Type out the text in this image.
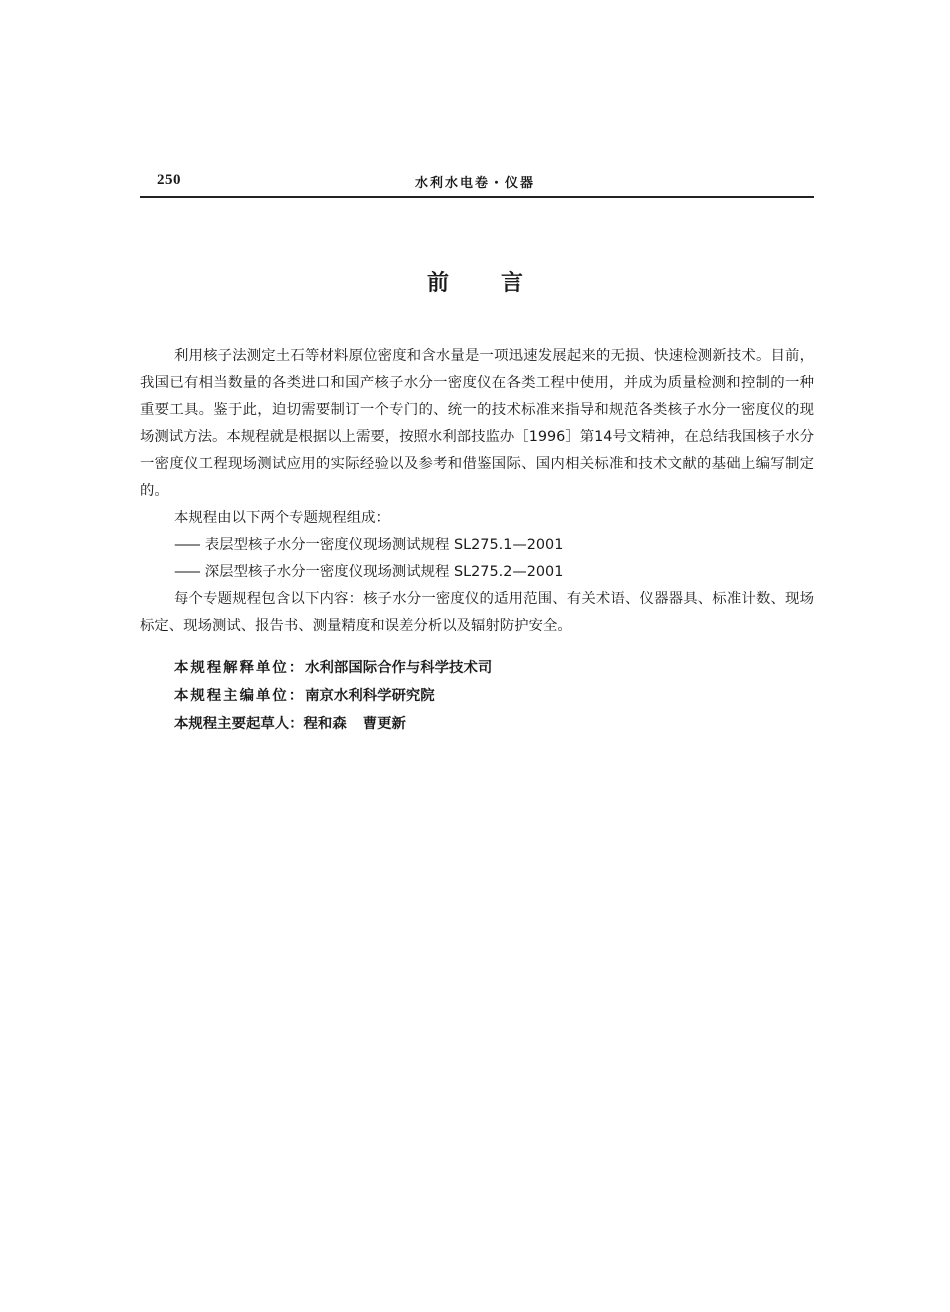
250	水利水电卷・仪器
前言

利用核子法测定土石等材料原位密度和含水量是一项迅速发展起来的无损、快速检测新技术。目前，我国已有相当数量的各类进口和国产核子水分一密度仪在各类工程中使用，并成为质量检测和控制的一种重要工具。鉴于此，迫切需要制订一个专门的、统一的技术标准来指导和规范各类核子水分一密度仪的现场测试方法。本规程就是根据以上需要，按照水利部技监办［1996］第14号文精神，在总结我国核子水分一密度仪工程现场测试应用的实际经验以及参考和借鉴国际、国内相关标准和技术文献的基础上编写制定的。

本规程由以下两个专题规程组成：

—— 表层型核子水分一密度仪现场测试规程 SL275.1—2001

—— 深层型核子水分一密度仪现场测试规程 SL275.2—2001

每个专题规程包含以下内容：核子水分一密度仪的适用范围、有关术语、仪器器具、标准计数、现场标定、现场测试、报告书、测量精度和误差分析以及辐射防护安全。

本规程解释单位：水利部国际合作与科学技术司

本规程主编单位：南京水利科学研究院

本规程主要起草人：程和森 曹更新
